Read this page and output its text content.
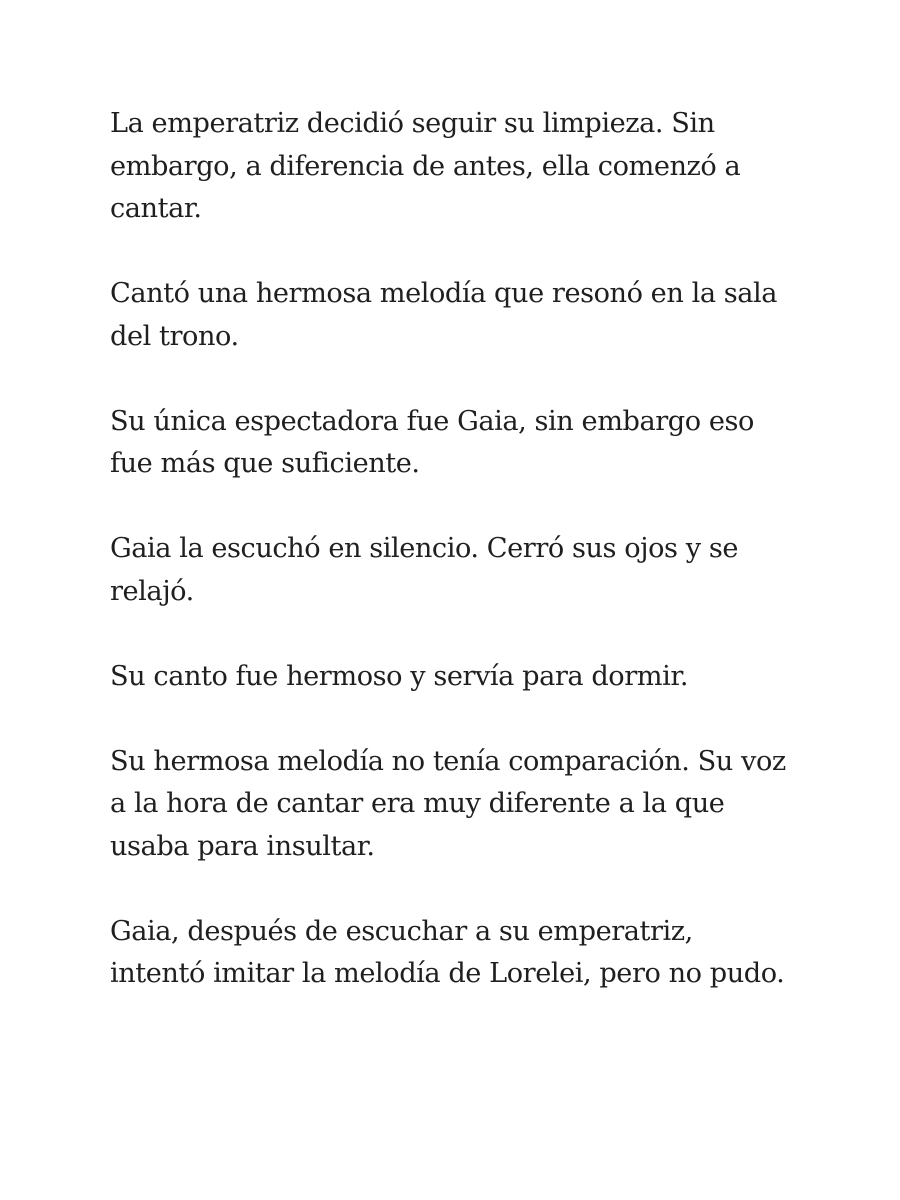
La emperatriz decidió seguir su limpieza. Sin embargo, a diferencia de antes, ella comenzó a cantar.

Cantó una hermosa melodía que resonó en la sala del trono.

Su única espectadora fue Gaia, sin embargo eso fue más que suficiente.

Gaia la escuchó en silencio. Cerró sus ojos y se relajó.

Su canto fue hermoso y servía para dormir.

Su hermosa melodía no tenía comparación. Su voz a la hora de cantar era muy diferente a la que usaba para insultar.

Gaia, después de escuchar a su emperatriz, intentó imitar la melodía de Lorelei, pero no pudo.
